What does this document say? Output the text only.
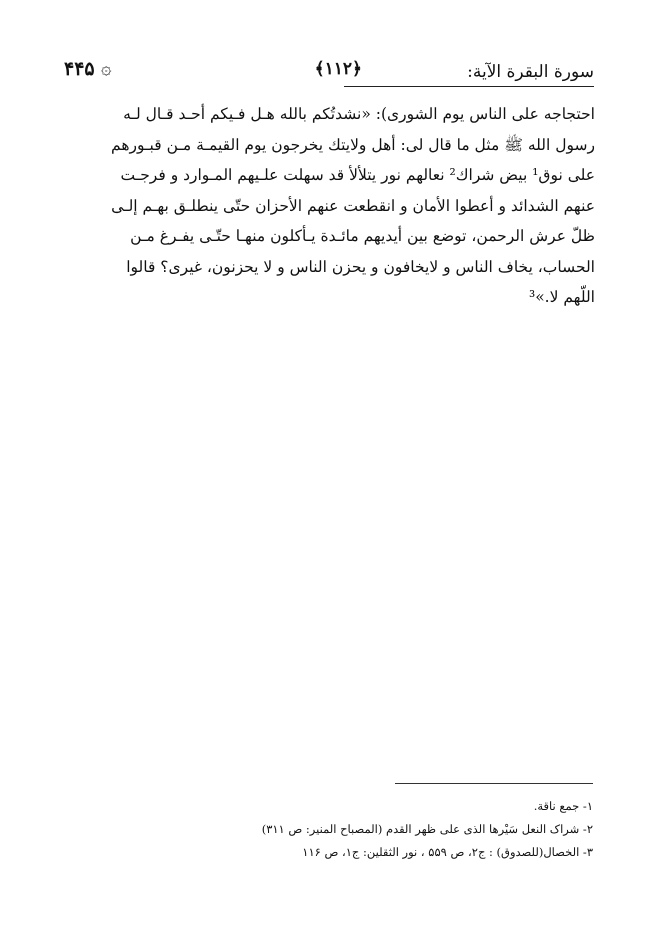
سورة البقرة الآية:
﴿۱۱۲﴾
۞
۴۴۵
احتجاجه على الناس يوم الشورى): «نشدتُكم بالله هـل فـيكم أحـد قـال لـه
رسول الله ﷺ مثل ما قال لى: أهل ولايتك يخرجون يوم القيمـة مـن قبـورهم
على نوق¹ بيض شراك² نعالهم نور يتلألأ قد سهلت علـيهم المـوارد و فرجـت
عنهم الشدائد و أعطوا الأمان و انقطعت عنهم الأحزان حتّى ينطلـق بهـم إلـى
ظلّ عرش الرحمن، توضع بين أيديهم مائـدة يـأكلون منهـا حتّـى يفـرغ مـن
الحساب، يخاف الناس و لايخافون و يحزن الناس و لا يحزنون، غيرى؟ قالوا
اللّهم لا.»³
۱- جمع ناقة.
۲- شراک النعل سَیْرها الذی على ظهر القدم (المصباح المنير: ص ۳۱۱)
۳- الخصال(للصدوق) : ج۲، ص ۵۵۹ ، نور الثقلین: ج۱، ص ۱۱۶
